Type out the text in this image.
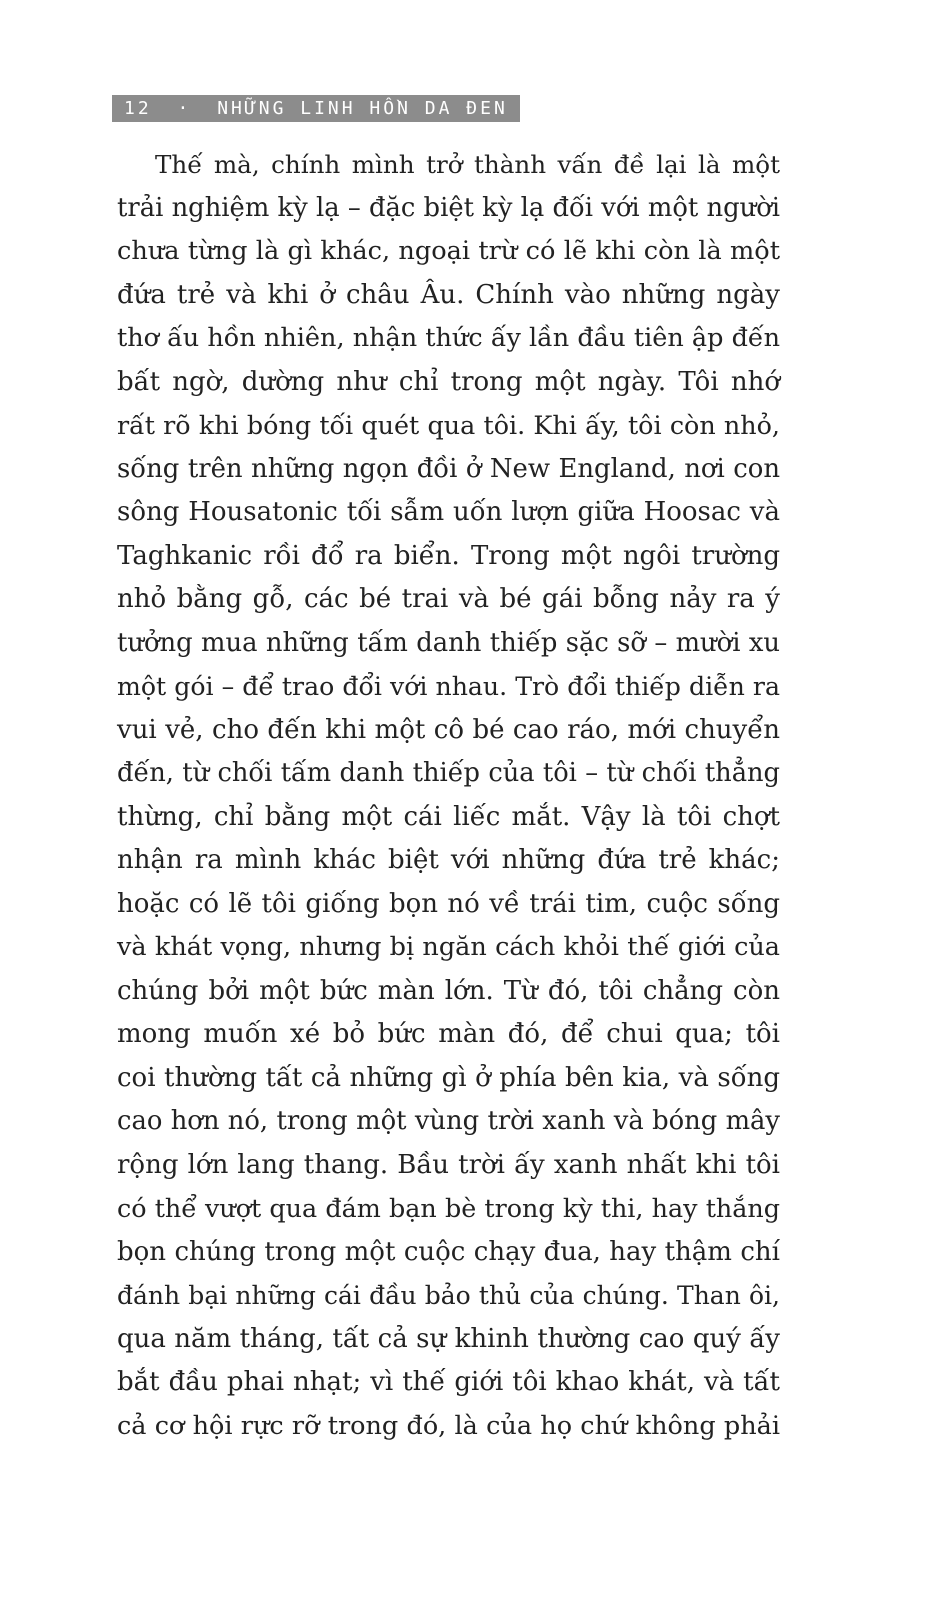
12 · NHỮNG LINH HỒN DA ĐEN
Thế mà, chính mình trở thành vấn đề lại là một
trải nghiệm kỳ lạ – đặc biệt kỳ lạ đối với một người
chưa từng là gì khác, ngoại trừ có lẽ khi còn là một
đứa trẻ và khi ở châu Âu. Chính vào những ngày
thơ ấu hồn nhiên, nhận thức ấy lần đầu tiên ập đến
bất ngờ, dường như chỉ trong một ngày. Tôi nhớ
rất rõ khi bóng tối quét qua tôi. Khi ấy, tôi còn nhỏ,
sống trên những ngọn đồi ở New England, nơi con
sông Housatonic tối sẫm uốn lượn giữa Hoosac và
Taghkanic rồi đổ ra biển. Trong một ngôi trường
nhỏ bằng gỗ, các bé trai và bé gái bỗng nảy ra ý
tưởng mua những tấm danh thiếp sặc sỡ – mười xu
một gói – để trao đổi với nhau. Trò đổi thiếp diễn ra
vui vẻ, cho đến khi một cô bé cao ráo, mới chuyển
đến, từ chối tấm danh thiếp của tôi – từ chối thẳng
thừng, chỉ bằng một cái liếc mắt. Vậy là tôi chợt
nhận ra mình khác biệt với những đứa trẻ khác;
hoặc có lẽ tôi giống bọn nó về trái tim, cuộc sống
và khát vọng, nhưng bị ngăn cách khỏi thế giới của
chúng bởi một bức màn lớn. Từ đó, tôi chẳng còn
mong muốn xé bỏ bức màn đó, để chui qua; tôi
coi thường tất cả những gì ở phía bên kia, và sống
cao hơn nó, trong một vùng trời xanh và bóng mây
rộng lớn lang thang. Bầu trời ấy xanh nhất khi tôi
có thể vượt qua đám bạn bè trong kỳ thi, hay thắng
bọn chúng trong một cuộc chạy đua, hay thậm chí
đánh bại những cái đầu bảo thủ của chúng. Than ôi,
qua năm tháng, tất cả sự khinh thường cao quý ấy
bắt đầu phai nhạt; vì thế giới tôi khao khát, và tất
cả cơ hội rực rỡ trong đó, là của họ chứ không phải
